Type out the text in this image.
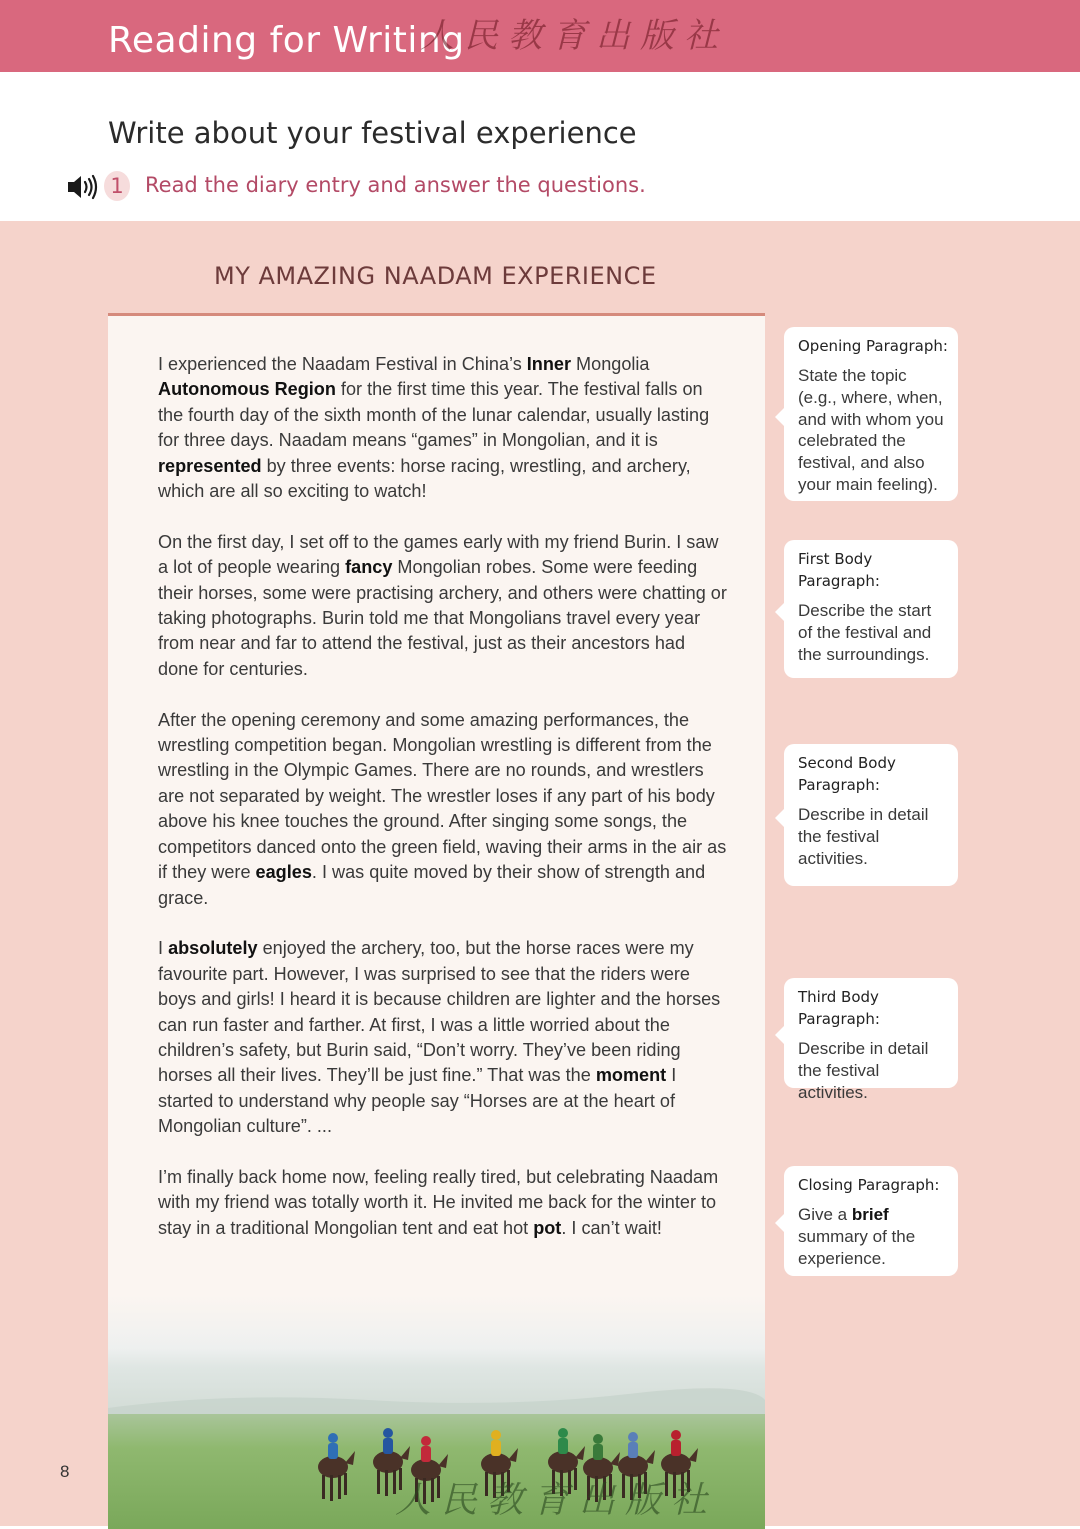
Reading for Writing
人民教育出版社
Write about your festival experience
1	Read the diary entry and answer the questions.
MY AMAZING NAADAM EXPERIENCE

I experienced the Naadam Festival in China’s Inner Mongolia Autonomous Region for the first time this year. The festival falls on the fourth day of the sixth month of the lunar calendar, usually lasting for three days. Naadam means “games” in Mongolian, and it is represented by three events: horse racing, wrestling, and archery, which are all so exciting to watch!

On the first day, I set off to the games early with my friend Burin. I saw a lot of people wearing fancy Mongolian robes. Some were feeding their horses, some were practising archery, and others were chatting or taking photographs. Burin told me that Mongolians travel every year from near and far to attend the festival, just as their ancestors had done for centuries.

After the opening ceremony and some amazing performances, the wrestling competition began. Mongolian wrestling is different from the wrestling in the Olympic Games. There are no rounds, and wrestlers are not separated by weight. The wrestler loses if any part of his body above his knee touches the ground. After singing some songs, the competitors danced onto the green field, waving their arms in the air as if they were eagles. I was quite moved by their show of strength and grace.

I absolutely enjoyed the archery, too, but the horse races were my favourite part. However, I was surprised to see that the riders were boys and girls! I heard it is because children are lighter and the horses can run faster and farther. At first, I was a little worried about the children’s safety, but Burin said, “Don’t worry. They’ve been riding horses all their lives. They’ll be just fine.” That was the moment I started to understand why people say “Horses are at the heart of Mongolian culture”. ...

I’m finally back home now, feeling really tired, but celebrating Naadam with my friend was totally worth it. He invited me back for the winter to stay in a traditional Mongolian tent and eat hot pot. I can’t wait!

Opening Paragraph:
State the topic (e.g., where, when, and with whom you celebrated the festival, and also your main feeling).
First Body Paragraph:
Describe the start of the festival and the surroundings.
Second Body Paragraph:
Describe in detail the festival activities.
Third Body Paragraph:
Describe in detail the festival activities.
Closing Paragraph:
Give a brief summary of the experience.
人民教育出版社
8
